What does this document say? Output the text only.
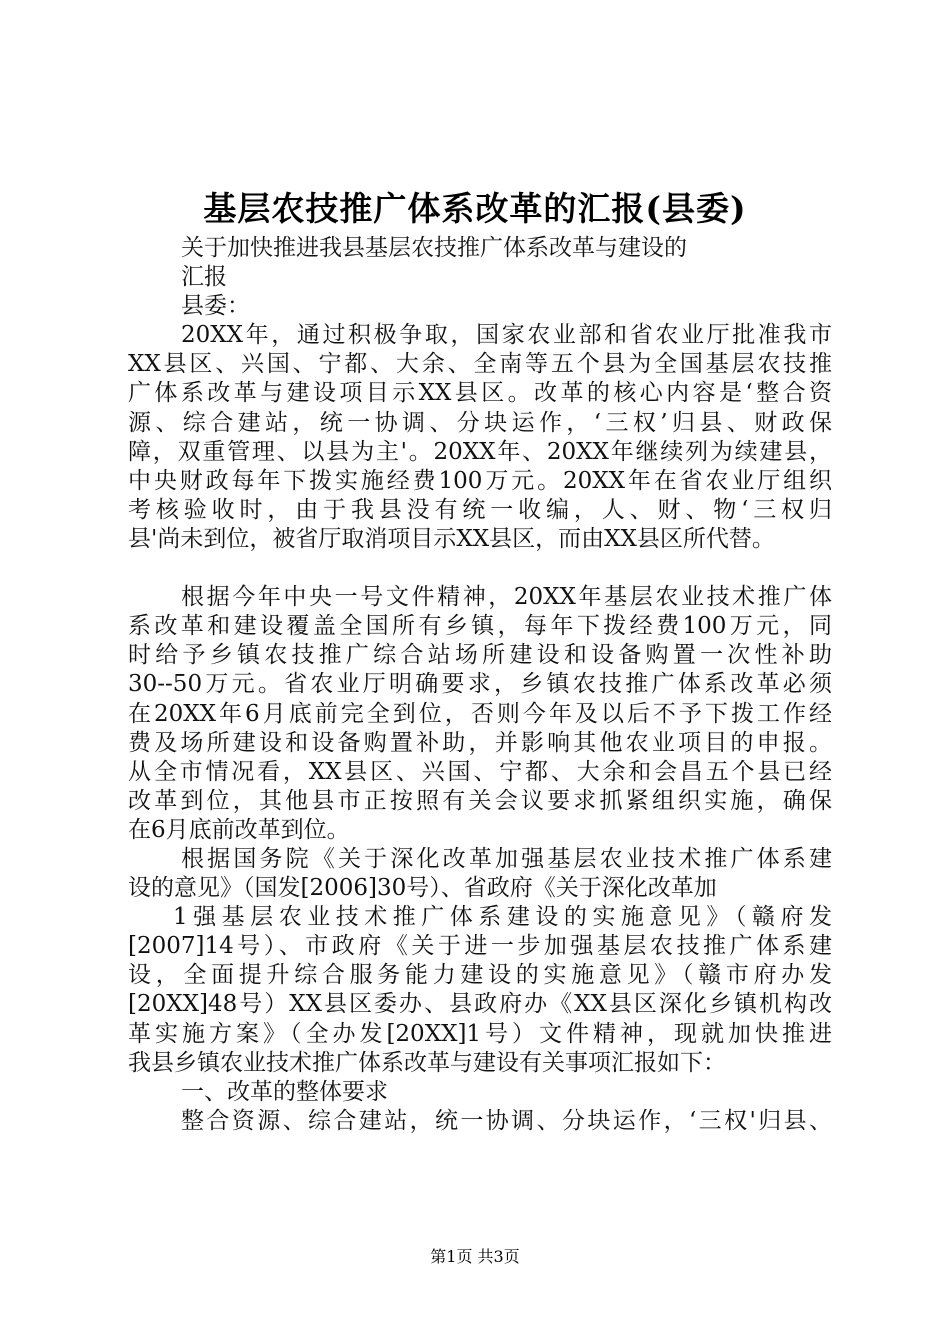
基层农技推广体系改革的汇报(县委)
关于加快推进我县基层农技推广体系改革与建设的
汇报
县委：
20XX年，通过积极争取，国家农业部和省农业厅批准我市
XX县区、兴国、宁都、大余、全南等五个县为全国基层农技推
广体系改革与建设项目示XX县区。改革的核心内容是‘整合资
源、综合建站，统一协调、分块运作，‘三权’归县、财政保
障，双重管理、以县为主'。20XX年、20XX年继续列为续建县，
中央财政每年下拨实施经费100万元。20XX年在省农业厅组织
考核验收时，由于我县没有统一收编，人、财、物‘三权归
县'尚未到位，被省厅取消项目示XX县区，而由XX县区所代替。
根据今年中央一号文件精神，20XX年基层农业技术推广体
系改革和建设覆盖全国所有乡镇，每年下拨经费100万元，同
时给予乡镇农技推广综合站场所建设和设备购置一次性补助
30--50万元。省农业厅明确要求，乡镇农技推广体系改革必须
在20XX年6月底前完全到位，否则今年及以后不予下拨工作经
费及场所建设和设备购置补助，并影响其他农业项目的申报。
从全市情况看，XX县区、兴国、宁都、大余和会昌五个县已经
改革到位，其他县市正按照有关会议要求抓紧组织实施，确保
在6月底前改革到位。
根据国务院《关于深化改革加强基层农业技术推广体系建
设的意见》（国发[2006]30号）、省政府《关于深化改革加
1强基层农业技术推广体系建设的实施意见》（赣府发
[2007]14号）、市政府《关于进一步加强基层农技推广体系建
设，全面提升综合服务能力建设的实施意见》（赣市府办发
[20XX]48号）XX县区委办、县政府办《XX县区深化乡镇机构改
革实施方案》（全办发[20XX]1号）文件精神，现就加快推进
我县乡镇农业技术推广体系改革与建设有关事项汇报如下：
一、改革的整体要求
整合资源、综合建站，统一协调、分块运作，‘三权'归县、
第1页 共3页
